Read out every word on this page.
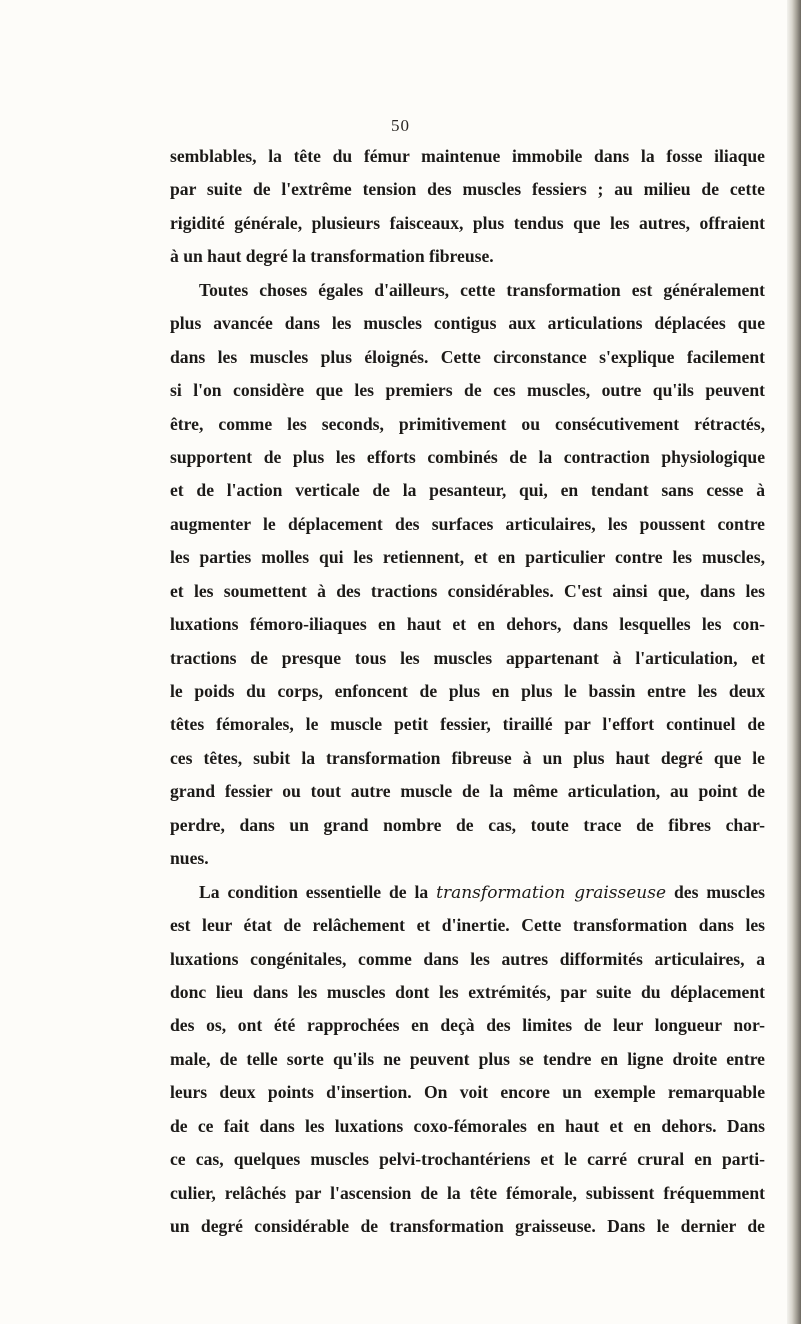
50
semblables, la tête du fémur maintenue immobile dans la fosse iliaque
par suite de l'extrême tension des muscles fessiers ; au milieu de cette
rigidité générale, plusieurs faisceaux, plus tendus que les autres, offraient
à un haut degré la transformation fibreuse.
Toutes choses égales d'ailleurs, cette transformation est généralement
plus avancée dans les muscles contigus aux articulations déplacées que
dans les muscles plus éloignés. Cette circonstance s'explique facilement
si l'on considère que les premiers de ces muscles, outre qu'ils peuvent
être, comme les seconds, primitivement ou consécutivement rétractés,
supportent de plus les efforts combinés de la contraction physiologique
et de l'action verticale de la pesanteur, qui, en tendant sans cesse à
augmenter le déplacement des surfaces articulaires, les poussent contre
les parties molles qui les retiennent, et en particulier contre les muscles,
et les soumettent à des tractions considérables. C'est ainsi que, dans les
luxations fémoro-iliaques en haut et en dehors, dans lesquelles les con-
tractions de presque tous les muscles appartenant à l'articulation, et
le poids du corps, enfoncent de plus en plus le bassin entre les deux
têtes fémorales, le muscle petit fessier, tiraillé par l'effort continuel de
ces têtes, subit la transformation fibreuse à un plus haut degré que le
grand fessier ou tout autre muscle de la même articulation, au point de
perdre, dans un grand nombre de cas, toute trace de fibres char-
nues.
La condition essentielle de la transformation graisseuse des muscles
est leur état de relâchement et d'inertie. Cette transformation dans les
luxations congénitales, comme dans les autres difformités articulaires, a
donc lieu dans les muscles dont les extrémités, par suite du déplacement
des os, ont été rapprochées en deçà des limites de leur longueur nor-
male, de telle sorte qu'ils ne peuvent plus se tendre en ligne droite entre
leurs deux points d'insertion. On voit encore un exemple remarquable
de ce fait dans les luxations coxo-fémorales en haut et en dehors. Dans
ce cas, quelques muscles pelvi-trochantériens et le carré crural en parti-
culier, relâchés par l'ascension de la tête fémorale, subissent fréquemment
un degré considérable de transformation graisseuse. Dans le dernier de
